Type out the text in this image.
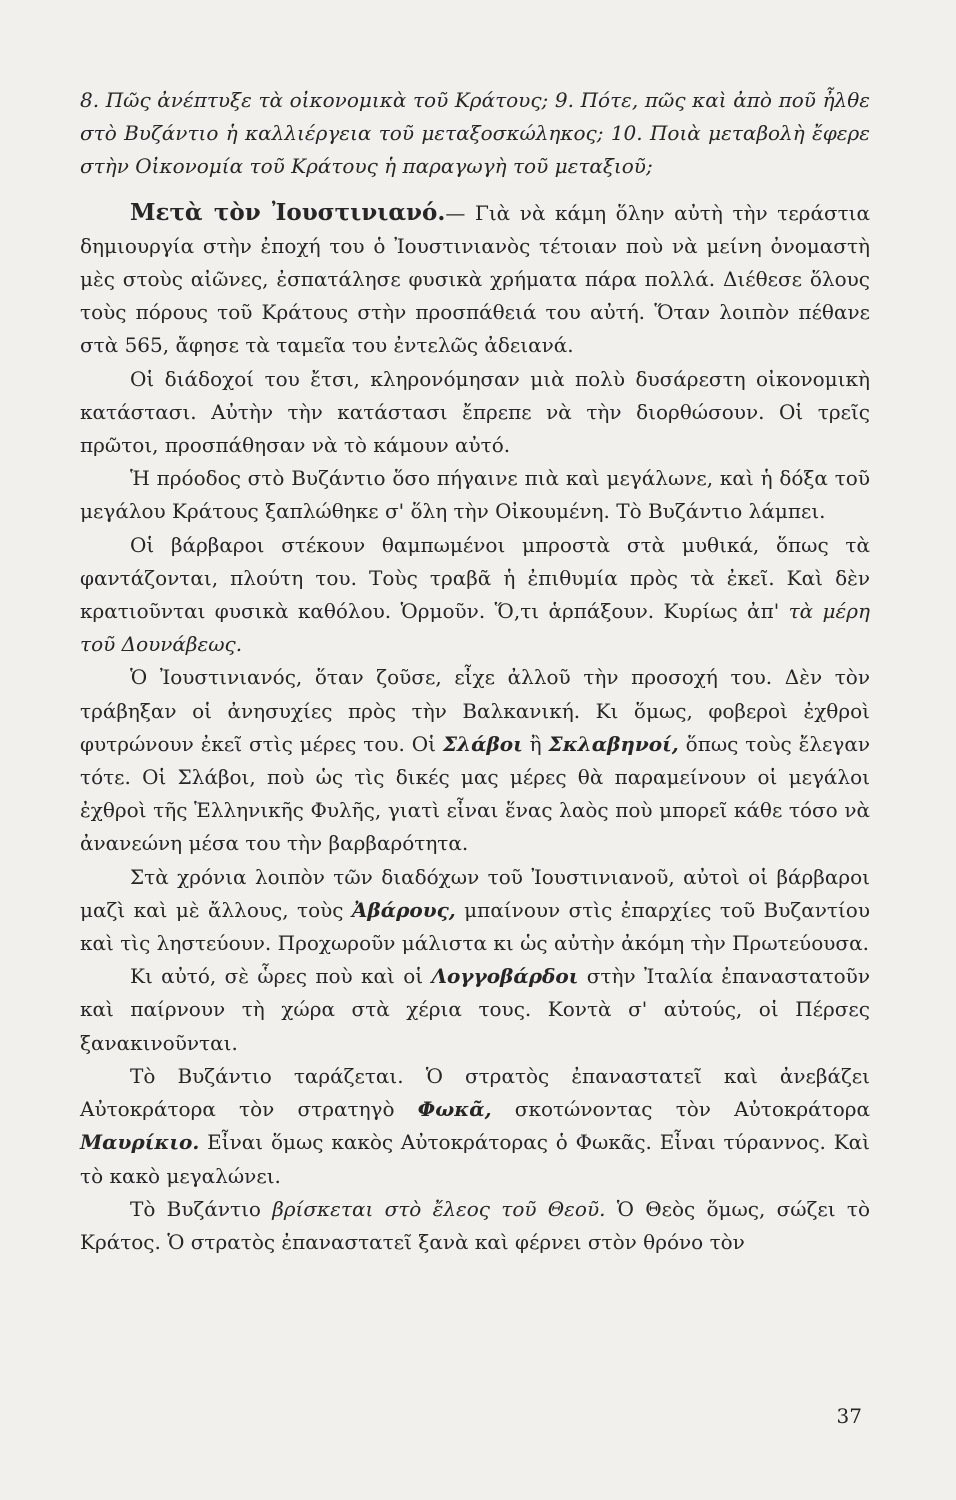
8. Πῶς ἀνέπτυξε τὰ οἰκονομικὰ τοῦ Κράτους; 9. Πότε, πῶς καὶ ἀπὸ ποῦ ἦλθε στὸ Βυζάντιο ἡ καλλιέργεια τοῦ μεταξοσκώληκος; 10. Ποιὰ μεταβολὴ ἔφερε στὴν Οἰκονομία τοῦ Κράτους ἡ παραγωγὴ τοῦ μεταξιοῦ;

Μετὰ τὸν Ἰουστινιανό.— Γιὰ νὰ κάμη ὅλην αὐτὴ τὴν τεράστια δημιουργία στὴν ἐποχή του ὁ Ἰουστινιανὸς τέτοιαν ποὺ νὰ μείνη ὀνομαστὴ μὲς στοὺς αἰῶνες, ἐσπατάλησε φυσικὰ χρήματα πάρα πολλά. Διέθεσε ὅλους τοὺς πόρους τοῦ Κράτους στὴν προσπάθειά του αὐτή. Ὅταν λοιπὸν πέθανε στὰ 565, ἄφησε τὰ ταμεῖα του ἐντελῶς ἀδειανά.

Οἱ διάδοχοί του ἔτσι, κληρονόμησαν μιὰ πολὺ δυσάρεστη οἰκονομικὴ κατάστασι. Αὐτὴν τὴν κατάστασι ἔπρεπε νὰ τὴν διορθώσουν. Οἱ τρεῖς πρῶτοι, προσπάθησαν νὰ τὸ κάμουν αὐτό.

Ἡ πρόοδος στὸ Βυζάντιο ὅσο πήγαινε πιὰ καὶ μεγάλωνε, καὶ ἡ δόξα τοῦ μεγάλου Κράτους ξαπλώθηκε σ' ὅλη τὴν Οἰκουμένη. Τὸ Βυζάντιο λάμπει.

Οἱ βάρβαροι στέκουν θαμπωμένοι μπροστὰ στὰ μυθικά, ὅπως τὰ φαντάζονται, πλούτη του. Τοὺς τραβᾶ ἡ ἐπιθυμία πρὸς τὰ ἐκεῖ. Καὶ δὲν κρατιοῦνται φυσικὰ καθόλου. Ὁρμοῦν. Ὅ,τι ἁρπάξουν. Κυρίως ἀπ' τὰ μέρη τοῦ Δουνάβεως.

Ὁ Ἰουστινιανός, ὅταν ζοῦσε, εἶχε ἀλλοῦ τὴν προσοχή του. Δὲν τὸν τράβηξαν οἱ ἀνησυχίες πρὸς τὴν Βαλκανική. Κι ὅμως, φοβεροὶ ἐχθροὶ φυτρώνουν ἐκεῖ στὶς μέρες του. Οἱ Σλάβοι ἢ Σκλαβηνοί, ὅπως τοὺς ἔλεγαν τότε. Οἱ Σλάβοι, ποὺ ὡς τὶς δικές μας μέρες θὰ παραμείνουν οἱ μεγάλοι ἐχθροὶ τῆς Ἑλληνικῆς Φυλῆς, γιατὶ εἶναι ἕνας λαὸς ποὺ μπορεῖ κάθε τόσο νὰ ἀνανεώνη μέσα του τὴν βαρβαρότητα.

Στὰ χρόνια λοιπὸν τῶν διαδόχων τοῦ Ἰουστινιανοῦ, αὐτοὶ οἱ βάρβαροι μαζὶ καὶ μὲ ἄλλους, τοὺς Ἀβάρους, μπαίνουν στὶς ἐπαρχίες τοῦ Βυζαντίου καὶ τὶς ληστεύουν. Προχωροῦν μάλιστα κι ὡς αὐτὴν ἀκόμη τὴν Πρωτεύουσα.

Κι αὐτό, σὲ ὧρες ποὺ καὶ οἱ Λογγοβάρδοι στὴν Ἰταλία ἐπαναστατοῦν καὶ παίρνουν τὴ χώρα στὰ χέρια τους. Κοντὰ σ' αὐτούς, οἱ Πέρσες ξανακινοῦνται.

Τὸ Βυζάντιο ταράζεται. Ὁ στρατὸς ἐπαναστατεῖ καὶ ἀνεβάζει Αὐτοκράτορα τὸν στρατηγὸ Φωκᾶ, σκοτώνοντας τὸν Αὐτοκράτορα Μαυρίκιο. Εἶναι ὅμως κακὸς Αὐτοκράτορας ὁ Φωκᾶς. Εἶναι τύραννος. Καὶ τὸ κακὸ μεγαλώνει.

Τὸ Βυζάντιο βρίσκεται στὸ ἔλεος τοῦ Θεοῦ. Ὁ Θεὸς ὅμως, σώζει τὸ Κράτος. Ὁ στρατὸς ἐπαναστατεῖ ξανὰ καὶ φέρνει στὸν θρόνο τὸν

37
